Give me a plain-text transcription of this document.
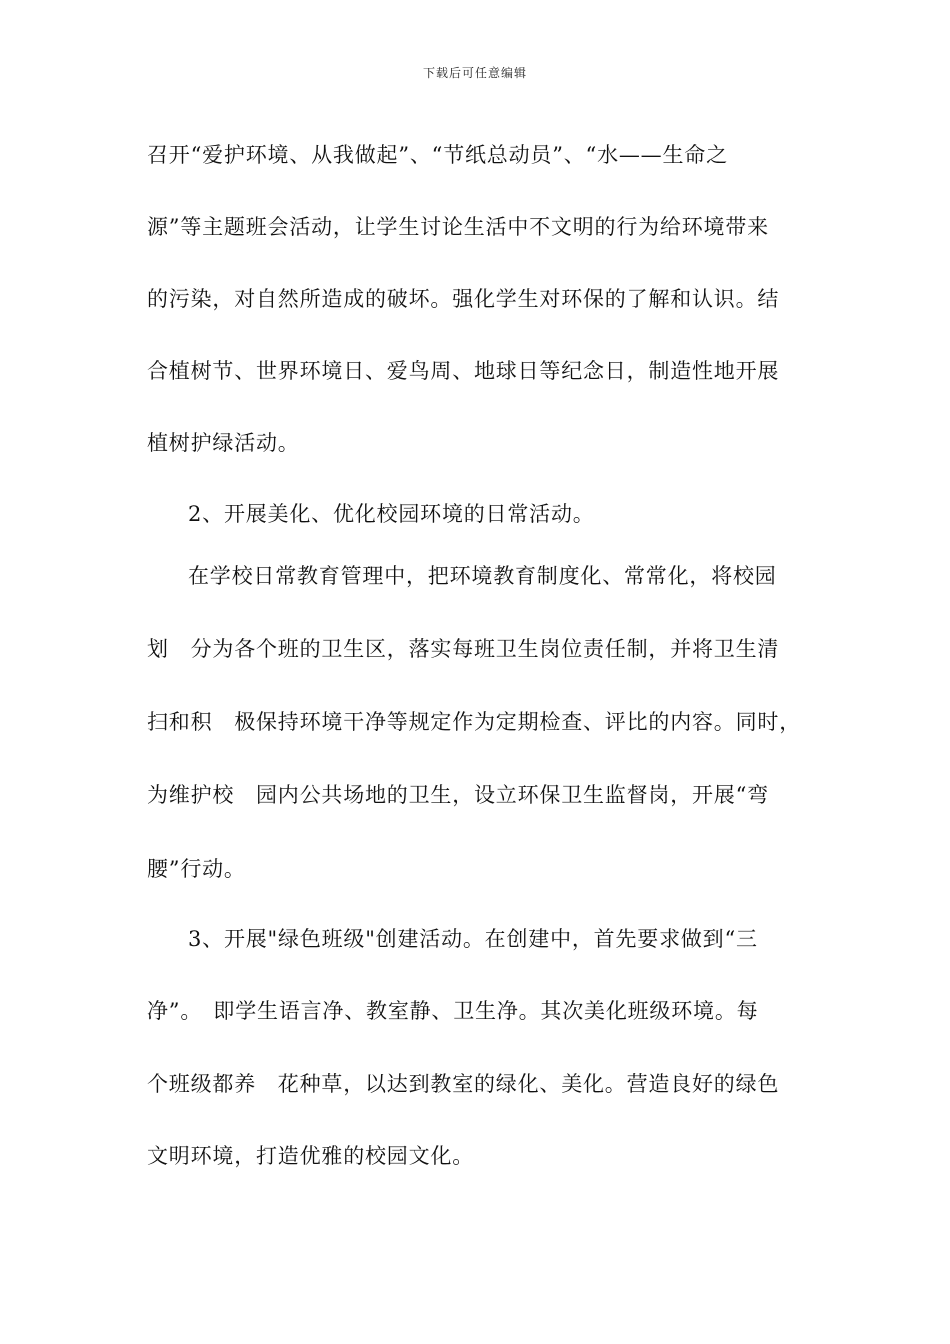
下载后可任意编辑
召开“爱护环境、从我做起”、“节纸总动员”、“水——生命之
源”等主题班会活动，让学生讨论生活中不文明的行为给环境带来
的污染，对自然所造成的破坏。强化学生对环保的了解和认识。结
合植树节、世界环境日、爱鸟周、地球日等纪念日，制造性地开展
植树护绿活动。
2、开展美化、优化校园环境的日常活动。
在学校日常教育管理中，把环境教育制度化、常常化，将校园
划　分为各个班的卫生区，落实每班卫生岗位责任制，并将卫生清
扫和积　极保持环境干净等规定作为定期检查、评比的内容。同时，
为维护校　园内公共场地的卫生，设立环保卫生监督岗，开展“弯
腰”行动。
3、开展"绿色班级"创建活动。在创建中，首先要求做到“三
净”。　即学生语言净、教室静、卫生净。其次美化班级环境。每
个班级都养　花种草，以达到教室的绿化、美化。营造良好的绿色
文明环境，打造优雅的校园文化。
